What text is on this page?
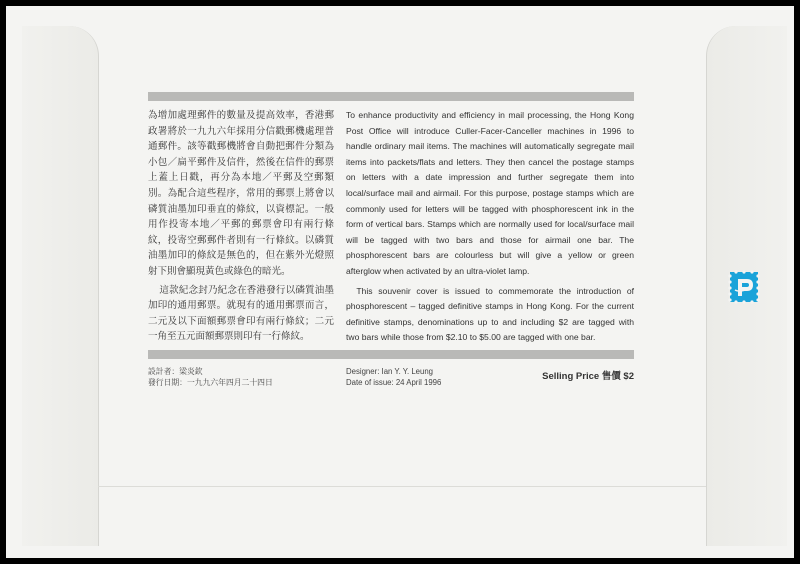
為增加處理郵件的數量及提高效率，香港郵政署將於一九九六年採用分信戳郵機處理普通郵件。該等戳郵機將會自動把郵件分類為小包／扁平郵件及信件，然後在信件的郵票上蓋上日戳，再分為本地／平郵及空郵類別。為配合這些程序，常用的郵票上將會以磷質油墨加印垂直的條紋，以資標記。一般用作投寄本地／平郵的郵票會印有兩行條紋，投寄空郵郵件者則有一行條紋。以磷質油墨加印的條紋是無色的，但在紫外光燈照射下則會顯現黃色或綠色的暗光。

這款紀念封乃紀念在香港發行以磷質油墨加印的通用郵票。就現有的通用郵票而言，二元及以下面額郵票會印有兩行條紋；二元一角至五元面額郵票則印有一行條紋。

To enhance productivity and efficiency in mail processing, the Hong Kong Post Office will introduce Culler-Facer-Canceller machines in 1996 to handle ordinary mail items. The machines will automatically segregate mail items into packets/flats and letters. They then cancel the postage stamps on letters with a date impression and further segregate them into local/surface mail and airmail. For this purpose, postage stamps which are commonly used for letters will be tagged with phosphorescent ink in the form of vertical bars. Stamps which are normally used for local/surface mail will be tagged with two bars and those for airmail one bar. The phosphorescent bars are colourless but will give a yellow or green afterglow when activated by an ultra-violet lamp.

This souvenir cover is issued to commemorate the introduction of phosphorescent – tagged definitive stamps in Hong Kong. For the current definitive stamps, denominations up to and including $2 are tagged with two bars while those from $2.10 to $5.00 are tagged with one bar.

設計者：梁炎欽
發行日期：一九九六年四月二十四日
Designer: Ian Y. Y. Leung
Date of issue: 24 April 1996
Selling Price 售價 $2
